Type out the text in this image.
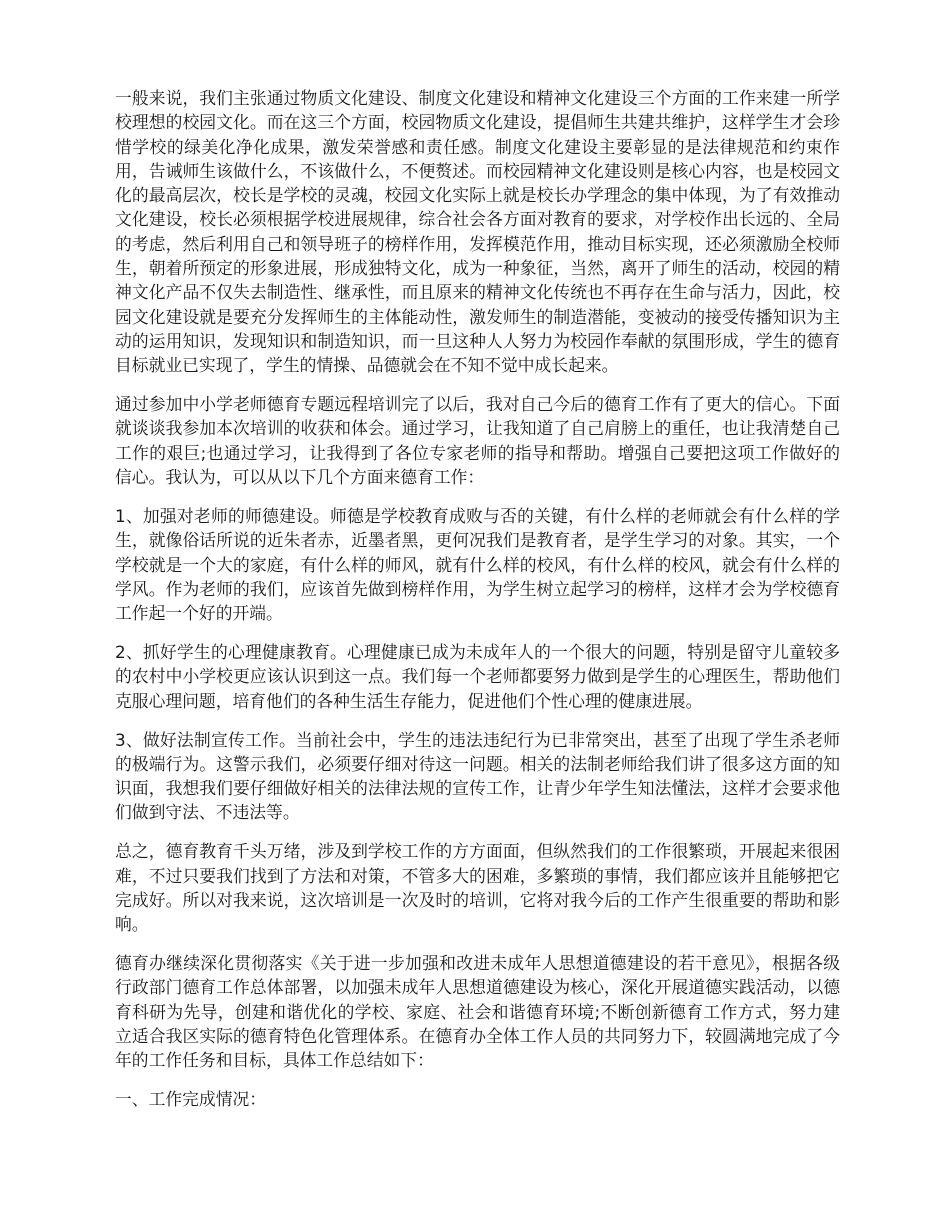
一般来说，我们主张通过物质文化建设、制度文化建设和精神文化建设三个方面的工作来建一所学校理想的校园文化。而在这三个方面，校园物质文化建设，提倡师生共建共维护，这样学生才会珍惜学校的绿美化净化成果，激发荣誉感和责任感。制度文化建设主要彰显的是法律规范和约束作用，告诫师生该做什么，不该做什么，不便赘述。而校园精神文化建设则是核心内容，也是校园文化的最高层次，校长是学校的灵魂，校园文化实际上就是校长办学理念的集中体现，为了有效推动文化建设，校长必须根据学校进展规律，综合社会各方面对教育的要求，对学校作出长远的、全局的考虑，然后利用自己和领导班子的榜样作用，发挥模范作用，推动目标实现，还必须激励全校师生，朝着所预定的形象进展，形成独特文化，成为一种象征，当然，离开了师生的活动，校园的精神文化产品不仅失去制造性、继承性，而且原来的精神文化传统也不再存在生命与活力，因此，校园文化建设就是要充分发挥师生的主体能动性，激发师生的制造潜能，变被动的接受传播知识为主动的运用知识，发现知识和制造知识，而一旦这种人人努力为校园作奉献的氛围形成，学生的德育目标就业已实现了，学生的情操、品德就会在不知不觉中成长起来。

通过参加中小学老师德育专题远程培训完了以后，我对自己今后的德育工作有了更大的信心。下面就谈谈我参加本次培训的收获和体会。通过学习，让我知道了自己肩膀上的重任，也让我清楚自己工作的艰巨;也通过学习，让我得到了各位专家老师的指导和帮助。增强自己要把这项工作做好的信心。我认为，可以从以下几个方面来德育工作：

1、加强对老师的师德建设。师德是学校教育成败与否的关键，有什么样的老师就会有什么样的学生，就像俗话所说的近朱者赤，近墨者黑，更何况我们是教育者，是学生学习的对象。其实，一个学校就是一个大的家庭，有什么样的师风，就有什么样的校风，有什么样的校风，就会有什么样的学风。作为老师的我们，应该首先做到榜样作用，为学生树立起学习的榜样，这样才会为学校德育工作起一个好的开端。

2、抓好学生的心理健康教育。心理健康已成为未成年人的一个很大的问题，特别是留守儿童较多的农村中小学校更应该认识到这一点。我们每一个老师都要努力做到是学生的心理医生，帮助他们克服心理问题，培育他们的各种生活生存能力，促进他们个性心理的健康进展。

3、做好法制宣传工作。当前社会中，学生的违法违纪行为已非常突出，甚至了出现了学生杀老师的极端行为。这警示我们，必须要仔细对待这一问题。相关的法制老师给我们讲了很多这方面的知识面，我想我们要仔细做好相关的法律法规的宣传工作，让青少年学生知法懂法，这样才会要求他们做到守法、不违法等。

总之，德育教育千头万绪，涉及到学校工作的方方面面，但纵然我们的工作很繁琐，开展起来很困难，不过只要我们找到了方法和对策，不管多大的困难，多繁琐的事情，我们都应该并且能够把它完成好。所以对我来说，这次培训是一次及时的培训，它将对我今后的工作产生很重要的帮助和影响。

德育办继续深化贯彻落实《关于进一步加强和改进未成年人思想道德建设的若干意见》，根据各级行政部门德育工作总体部署，以加强未成年人思想道德建设为核心，深化开展道德实践活动，以德育科研为先导，创建和谐优化的学校、家庭、社会和谐德育环境;不断创新德育工作方式，努力建立适合我区实际的德育特色化管理体系。在德育办全体工作人员的共同努力下，较圆满地完成了今年的工作任务和目标，具体工作总结如下：

一、工作完成情况：
